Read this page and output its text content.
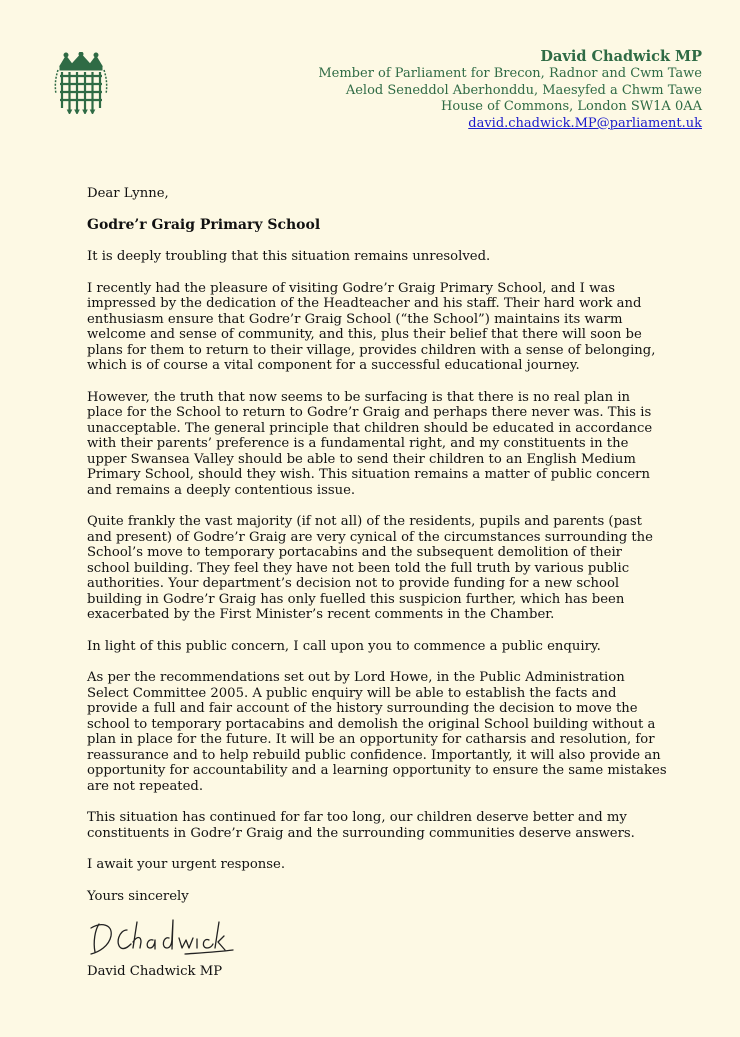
David Chadwick MP
Member of Parliament for Brecon, Radnor and Cwm Tawe
Aelod Seneddol Aberhonddu, Maesyfed a Chwm Tawe
House of Commons, London SW1A 0AA
david.chadwick.MP@parliament.uk

Dear Lynne,

Godre’r Graig Primary School

It is deeply troubling that this situation remains unresolved.

I recently had the pleasure of visiting Godre’r Graig Primary School, and I was impressed by the dedication of the Headteacher and his staff. Their hard work and enthusiasm ensure that Godre’r Graig School (“the School”) maintains its warm welcome and sense of community, and this, plus their belief that there will soon be plans for them to return to their village, provides children with a sense of belonging, which is of course a vital component for a successful educational journey.

However, the truth that now seems to be surfacing is that there is no real plan in place for the School to return to Godre’r Graig and perhaps there never was. This is unacceptable. The general principle that children should be educated in accordance with their parents’ preference is a fundamental right, and my constituents in the upper Swansea Valley should be able to send their children to an English Medium Primary School, should they wish. This situation remains a matter of public concern and remains a deeply contentious issue.

Quite frankly the vast majority (if not all) of the residents, pupils and parents (past and present) of Godre’r Graig are very cynical of the circumstances surrounding the School’s move to temporary portacabins and the subsequent demolition of their school building. They feel they have not been told the full truth by various public authorities. Your department’s decision not to provide funding for a new school building in Godre’r Graig has only fuelled this suspicion further, which has been exacerbated by the First Minister’s recent comments in the Chamber.

In light of this public concern, I call upon you to commence a public enquiry.

As per the recommendations set out by Lord Howe, in the Public Administration Select Committee 2005. A public enquiry will be able to establish the facts and provide a full and fair account of the history surrounding the decision to move the school to temporary portacabins and demolish the original School building without a plan in place for the future. It will be an opportunity for catharsis and resolution, for reassurance and to help rebuild public confidence. Importantly, it will also provide an opportunity for accountability and a learning opportunity to ensure the same mistakes are not repeated.

This situation has continued for far too long, our children deserve better and my constituents in Godre’r Graig and the surrounding communities deserve answers.

I await your urgent response.

Yours sincerely

David Chadwick MP
